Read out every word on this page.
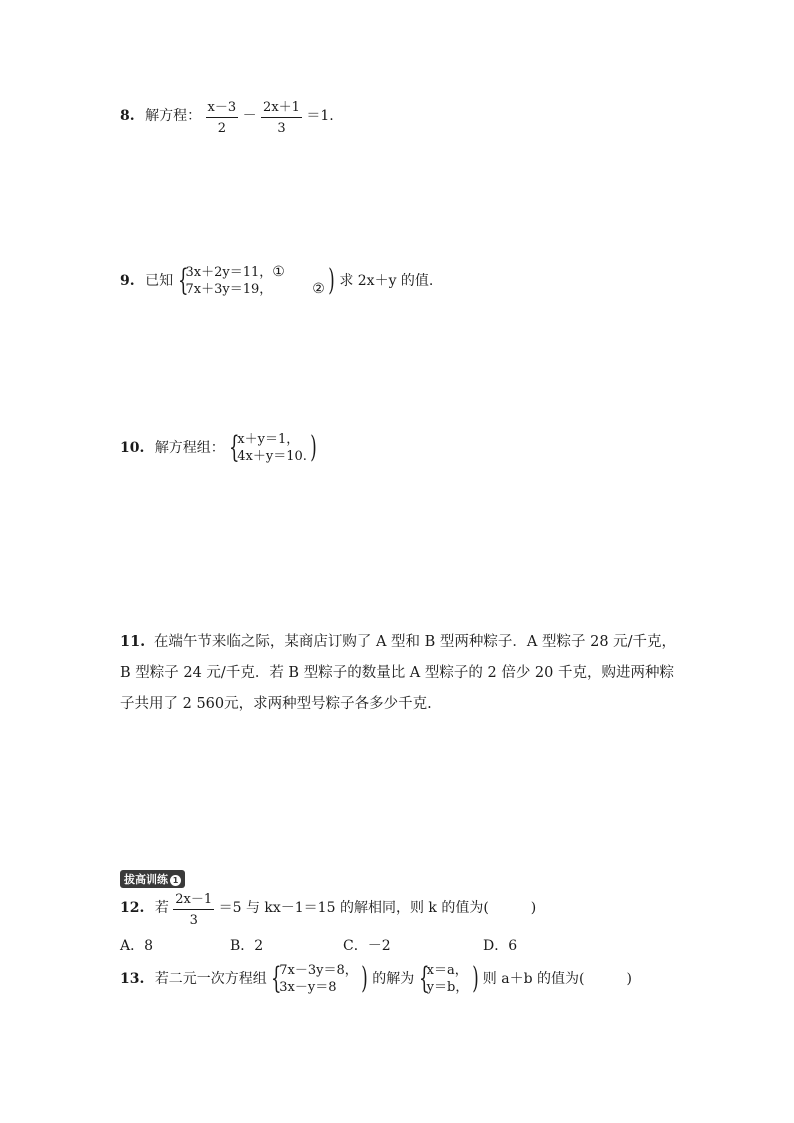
8. 解方程： $\frac{x-3}{2} - \frac{2x+1}{3} =1$.
9. 已知 {
3x＋2y＝11，①
7x＋3y＝19，	② ) 求 2x＋y 的值.
10. 解方程组： {
x＋y＝1，
4x＋y＝10. )
11. 在端午节来临之际，某商店订购了 A 型和 B 型两种粽子．A 型粽子 28 元/千克，B 型粽子 24 元/千克．若 B 型粽子的数量比 A 型粽子的 2 倍少 20 千克，购进两种粽子共用了 2 560元，求两种型号粽子各多少千克.
拔高训练 1
12. 若 $\frac{2x-1}{3} =5$ 与 kx－1＝15 的解相同，则 k 的值为(　　　)
A．8	B．2	C．－2	D．6
13. 若二元一次方程组 {
7x－3y＝8，
3x－y＝8 ) 的解为 {
x＝a，
y＝b， ) 则 a＋b 的值为(　　　)
